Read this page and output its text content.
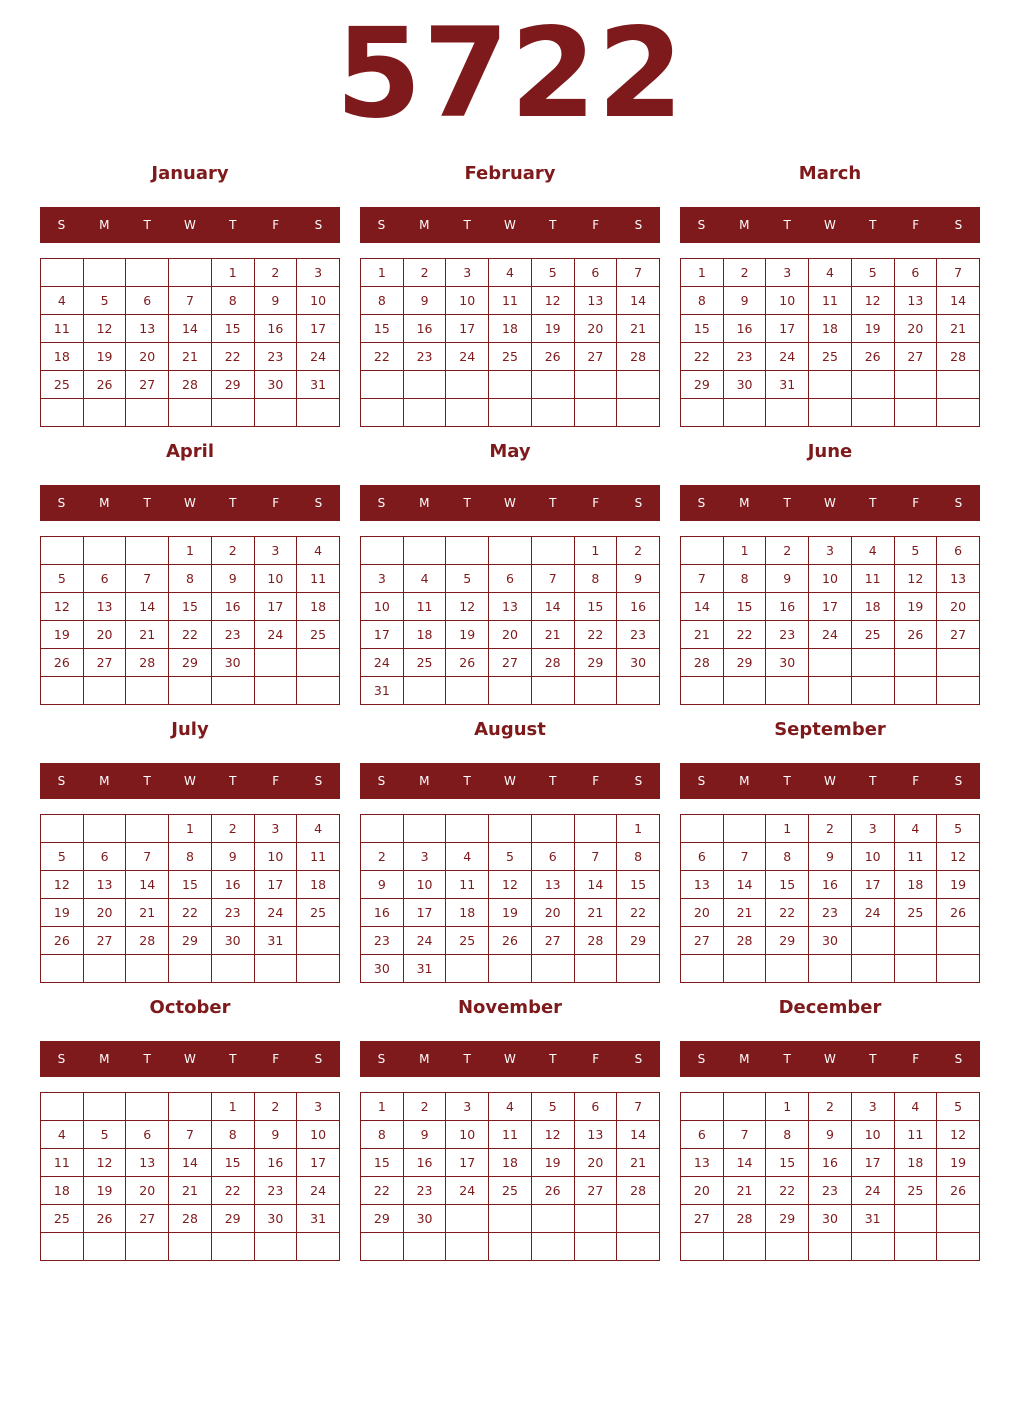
5722
January
S	M	T	W	T	F	S
				1	2	3
4	5	6	7	8	9	10
11	12	13	14	15	16	17
18	19	20	21	22	23	24
25	26	27	28	29	30	31

February
S	M	T	W	T	F	S
1	2	3	4	5	6	7
8	9	10	11	12	13	14
15	16	17	18	19	20	21
22	23	24	25	26	27	28

March
S	M	T	W	T	F	S
1	2	3	4	5	6	7
8	9	10	11	12	13	14
15	16	17	18	19	20	21
22	23	24	25	26	27	28
29	30	31				

April
S	M	T	W	T	F	S
			1	2	3	4
5	6	7	8	9	10	11
12	13	14	15	16	17	18
19	20	21	22	23	24	25
26	27	28	29	30		

May
S	M	T	W	T	F	S
					1	2
3	4	5	6	7	8	9
10	11	12	13	14	15	16
17	18	19	20	21	22	23
24	25	26	27	28	29	30
31						
June
S	M	T	W	T	F	S
	1	2	3	4	5	6
7	8	9	10	11	12	13
14	15	16	17	18	19	20
21	22	23	24	25	26	27
28	29	30				

July
S	M	T	W	T	F	S
			1	2	3	4
5	6	7	8	9	10	11
12	13	14	15	16	17	18
19	20	21	22	23	24	25
26	27	28	29	30	31	

August
S	M	T	W	T	F	S
						1
2	3	4	5	6	7	8
9	10	11	12	13	14	15
16	17	18	19	20	21	22
23	24	25	26	27	28	29
30	31					
September
S	M	T	W	T	F	S
		1	2	3	4	5
6	7	8	9	10	11	12
13	14	15	16	17	18	19
20	21	22	23	24	25	26
27	28	29	30			

October
S	M	T	W	T	F	S
				1	2	3
4	5	6	7	8	9	10
11	12	13	14	15	16	17
18	19	20	21	22	23	24
25	26	27	28	29	30	31

November
S	M	T	W	T	F	S
1	2	3	4	5	6	7
8	9	10	11	12	13	14
15	16	17	18	19	20	21
22	23	24	25	26	27	28
29	30					

December
S	M	T	W	T	F	S
		1	2	3	4	5
6	7	8	9	10	11	12
13	14	15	16	17	18	19
20	21	22	23	24	25	26
27	28	29	30	31		
